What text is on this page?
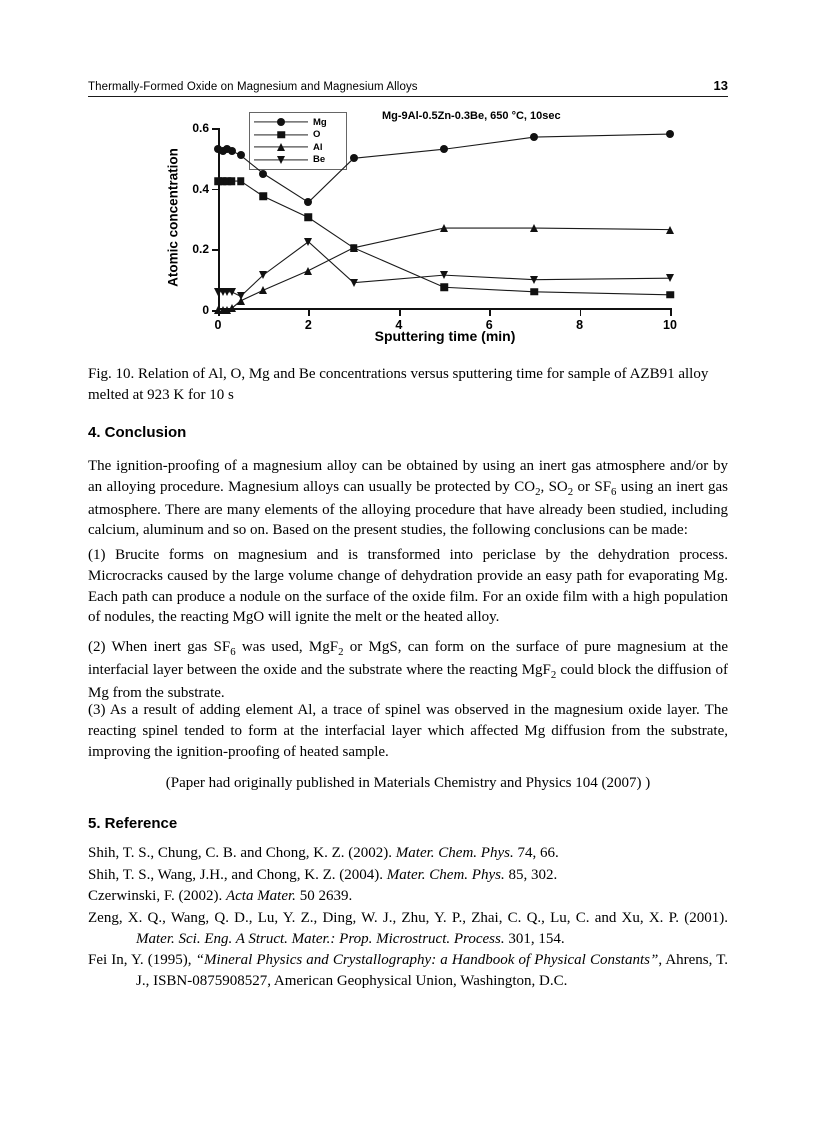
Thermally-Formed Oxide on Magnesium and Magnesium Alloys	13
Atomic concentration
Mg-9Al-0.5Zn-0.3Be, 650 °C, 10sec
Mg
O
Al
Be
0
0.2
0.4
0.6
0	2	4	6	8	10
Sputtering time (min)
Fig. 10. Relation of Al, O, Mg and Be concentrations versus sputtering time for sample of AZB91 alloy melted at 923 K for 10 s
4. Conclusion
The ignition-proofing of a magnesium alloy can be obtained by using an inert gas atmosphere and/or by an alloying procedure. Magnesium alloys can usually be protected by $CO_2$, $SO_2$ or $SF_6$ using an inert gas atmosphere. There are many elements of the alloying procedure that have already been studied, including calcium, aluminum and so on. Based on the present studies, the following conclusions can be made:
(1) Brucite forms on magnesium and is transformed into periclase by the dehydration process. Microcracks caused by the large volume change of dehydration provide an easy path for evaporating Mg. Each path can produce a nodule on the surface of the oxide film. For an oxide film with a high population of nodules, the reacting MgO will ignite the melt or the heated alloy.
(2) When inert gas $SF_6$ was used, MgF$_2$ or MgS, can form on the surface of pure magnesium at the interfacial layer between the oxide and the substrate where the reacting MgF$_2$ could block the diffusion of Mg from the substrate.
(3) As a result of adding element Al, a trace of spinel was observed in the magnesium oxide layer. The reacting spinel tended to form at the interfacial layer which affected Mg diffusion from the substrate, improving the ignition-proofing of heated sample.
(Paper had originally published in Materials Chemistry and Physics 104 (2007) )
5. Reference
Shih, T. S., Chung, C. B. and Chong, K. Z. (2002). Mater. Chem. Phys. 74, 66.
Shih, T. S., Wang, J.H., and Chong, K. Z. (2004). Mater. Chem. Phys. 85, 302.
Czerwinski, F. (2002). Acta Mater. 50 2639.
Zeng, X. Q., Wang, Q. D., Lu, Y. Z., Ding, W. J., Zhu, Y. P., Zhai, C. Q., Lu, C. and Xu, X. P. (2001). Mater. Sci. Eng. A Struct. Mater.: Prop. Microstruct. Process. 301, 154.
Fei In, Y. (1995), “Mineral Physics and Crystallography: a Handbook of Physical Constants”, Ahrens, T. J., ISBN-0875908527, American Geophysical Union, Washington, D.C.
